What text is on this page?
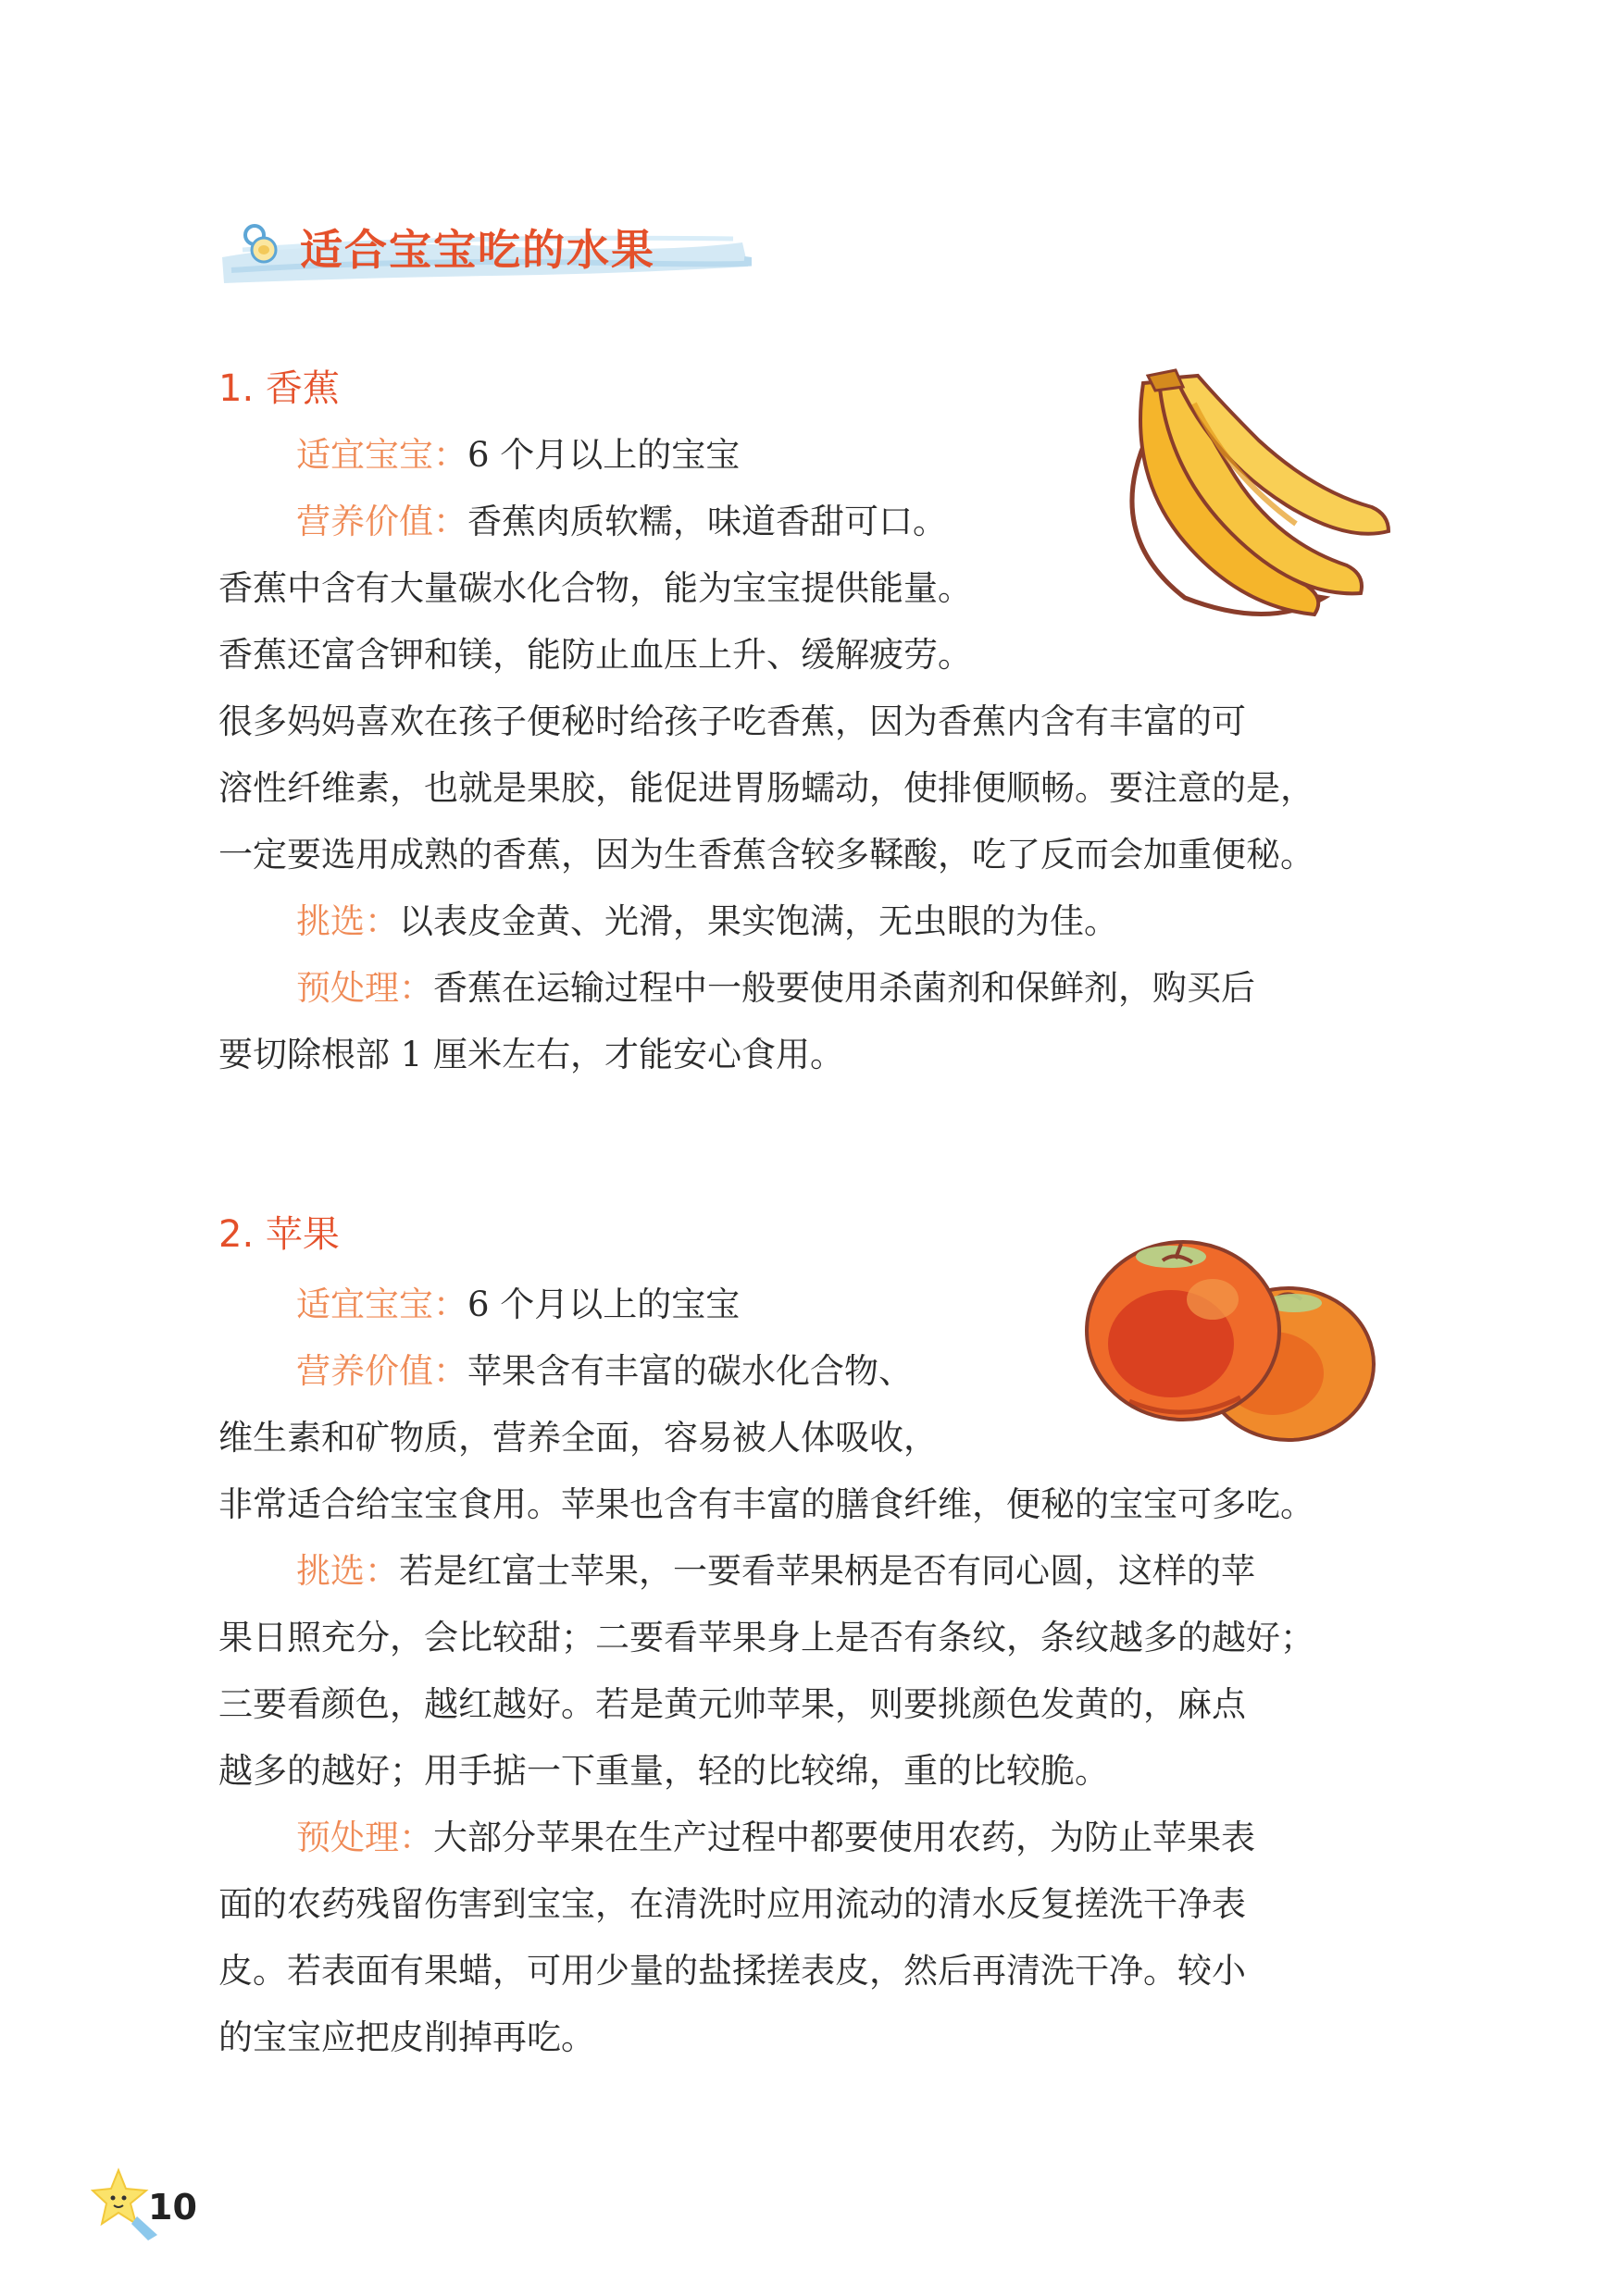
适合宝宝吃的水果
1. 香蕉

适宜宝宝：6 个月以上的宝宝

营养价值：香蕉肉质软糯，味道香甜可口。

香蕉中含有大量碳水化合物，能为宝宝提供能量。

香蕉还富含钾和镁，能防止血压上升、缓解疲劳。

很多妈妈喜欢在孩子便秘时给孩子吃香蕉，因为香蕉内含有丰富的可

溶性纤维素，也就是果胶，能促进胃肠蠕动，使排便顺畅。要注意的是，

一定要选用成熟的香蕉，因为生香蕉含较多鞣酸，吃了反而会加重便秘。

挑选：以表皮金黄、光滑，果实饱满，无虫眼的为佳。

预处理：香蕉在运输过程中一般要使用杀菌剂和保鲜剂，购买后

要切除根部 1 厘米左右，才能安心食用。

2. 苹果

适宜宝宝：6 个月以上的宝宝

营养价值：苹果含有丰富的碳水化合物、

维生素和矿物质，营养全面，容易被人体吸收，

非常适合给宝宝食用。苹果也含有丰富的膳食纤维，便秘的宝宝可多吃。

挑选：若是红富士苹果，一要看苹果柄是否有同心圆，这样的苹

果日照充分，会比较甜；二要看苹果身上是否有条纹，条纹越多的越好；

三要看颜色，越红越好。若是黄元帅苹果，则要挑颜色发黄的，麻点

越多的越好；用手掂一下重量，轻的比较绵，重的比较脆。

预处理：大部分苹果在生产过程中都要使用农药，为防止苹果表

面的农药残留伤害到宝宝，在清洗时应用流动的清水反复搓洗干净表

皮。若表面有果蜡，可用少量的盐揉搓表皮，然后再清洗干净。较小

的宝宝应把皮削掉再吃。

10
